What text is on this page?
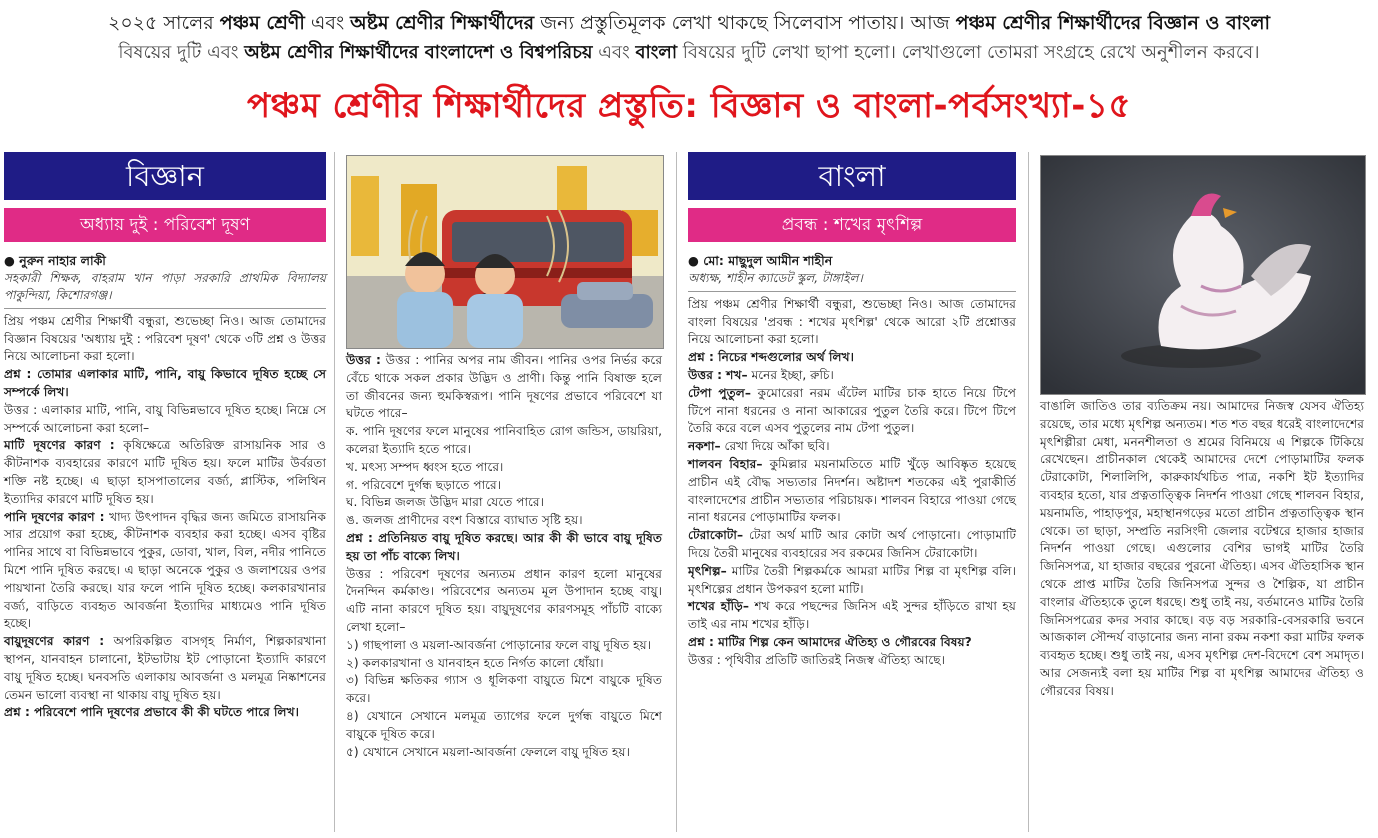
২০২৫ সালের পঞ্চম শ্রেণী এবং অষ্টম শ্রেণীর শিক্ষার্থীদের জন্য প্রস্তুতিমূলক লেখা থাকছে সিলেবাস পাতায়। আজ পঞ্চম শ্রেণীর শিক্ষার্থীদের বিজ্ঞান ও বাংলা
বিষয়ের দুটি এবং অষ্টম শ্রেণীর শিক্ষার্থীদের বাংলাদেশ ও বিশ্বপরিচয় এবং বাংলা বিষয়ের দুটি লেখা ছাপা হলো। লেখাগুলো তোমরা সংগ্রহে রেখে অনুশীলন করবে।
পঞ্চম শ্রেণীর শিক্ষার্থীদের প্রস্তুতি: বিজ্ঞান ও বাংলা-পর্বসংখ্যা-১৫
বিজ্ঞান
অধ্যায় দুই : পরিবেশ দূষণ
● নুরুন নাহার লাকী
সহকারী শিক্ষক, বাহরাম খান পাড়া সরকারি প্রাথমিক বিদ্যালয় পাকুন্দিয়া, কিশোরগঞ্জ।

প্রিয় পঞ্চম শ্রেণীর শিক্ষার্থী বন্ধুরা, শুভেচ্ছা নিও। আজ তোমাদের বিজ্ঞান বিষয়ের 'অধ্যায় দুই : পরিবেশ দূষণ' থেকে ৩টি প্রশ্ন ও উত্তর নিয়ে আলোচনা করা হলো।

প্রশ্ন : তোমার এলাকার মাটি, পানি, বায়ু কিভাবে দূষিত হচ্ছে সে সম্পর্কে লিখ।

উত্তর : এলাকার মাটি, পানি, বায়ু বিভিন্নভাবে দূষিত হচ্ছে। নিম্নে সে সম্পর্কে আলোচনা করা হলো–

মাটি দূষণের কারণ : কৃষিক্ষেত্রে অতিরিক্ত রাসায়নিক সার ও কীটনাশক ব্যবহারের কারণে মাটি দূষিত হয়। ফলে মাটির উর্বরতা শক্তি নষ্ট হচ্ছে। এ ছাড়া হাসপাতালের বর্জ্য, প্লাস্টিক, পলিথিন ইত্যাদির কারণে মাটি দূষিত হয়।

পানি দূষণের কারণ : খাদ্য উৎপাদন বৃদ্ধির জন্য জমিতে রাসায়নিক সার প্রয়োগ করা হচ্ছে, কীটনাশক ব্যবহার করা হচ্ছে। এসব বৃষ্টির পানির সাথে বা বিভিন্নভাবে পুকুর, ডোবা, খাল, বিল, নদীর পানিতে মিশে পানি দূষিত করছে। এ ছাড়া অনেকে পুকুর ও জলাশয়ের ওপর পায়খানা তৈরি করছে। যার ফলে পানি দূষিত হচ্ছে। কলকারখানার বর্জ্য, বাড়িতে ব্যবহৃত আবর্জনা ইত্যাদির মাধ্যমেও পানি দূষিত হচ্ছে।

বায়ুদূষণের কারণ : অপরিকল্পিত বাসগৃহ নির্মাণ, শিল্পকারখানা স্থাপন, যানবাহন চালানো, ইটভাটায় ইট পোড়ানো ইত্যাদি কারণে বায়ু দূষিত হচ্ছে। ঘনবসতি এলাকায় আবর্জনা ও মলমূত্র নিষ্কাশনের তেমন ভালো ব্যবস্থা না থাকায় বায়ু দূষিত হয়।

প্রশ্ন : পরিবেশে পানি দূষণের প্রভাবে কী কী ঘটতে পারে লিখ।

উত্তর : উত্তর : পানির অপর নাম জীবন। পানির ওপর নির্ভর করে বেঁচে থাকে সকল প্রকার উদ্ভিদ ও প্রাণী। কিন্তু পানি বিষাক্ত হলে তা জীবনের জন্য হুমকিস্বরূপ। পানি দূষণের প্রভাবে পরিবেশে যা ঘটতে পারে–

ক. পানি দূষণের ফলে মানুষের পানিবাহিত রোগ জন্ডিস, ডায়রিয়া, কলেরা ইত্যাদি হতে পারে।

খ. মৎস্য সম্পদ ধ্বংস হতে পারে।

গ. পরিবেশে দুর্গন্ধ ছড়াতে পারে।

ঘ. বিভিন্ন জলজ উদ্ভিদ মারা যেতে পারে।

ঙ. জলজ প্রাণীদের বংশ বিস্তারে ব্যাঘাত সৃষ্টি হয়।

প্রশ্ন : প্রতিনিয়ত বায়ু দূষিত করছে। আর কী কী ভাবে বায়ু দূষিত হয় তা পাঁচ বাক্যে লিখ।

উত্তর : পরিবেশ দূষণের অন্যতম প্রধান কারণ হলো মানুষের দৈনন্দিন কর্মকাণ্ড। পরিবেশের অন্যতম মূল উপাদান হচ্ছে বায়ু। এটি নানা কারণে দূষিত হয়। বায়ুদূষণের কারণসমূহ পাঁচটি বাক্যে লেখা হলো–

১) গাছপালা ও ময়লা-আবর্জনা পোড়ানোর ফলে বায়ু দূষিত হয়।

২) কলকারখানা ও যানবাহন হতে নির্গত কালো ধোঁয়া।

৩) বিভিন্ন ক্ষতিকর গ্যাস ও ধূলিকণা বায়ুতে মিশে বায়ুকে দূষিত করে।

৪) যেখানে সেখানে মলমূত্র ত্যাগের ফলে দুর্গন্ধ বায়ুতে মিশে বায়ুকে দূষিত করে।

৫) যেখানে সেখানে ময়লা-আবর্জনা ফেললে বায়ু দূষিত হয়।

বাংলা
প্রবন্ধ : শখের মৃৎশিল্প
● মো: মাছুদুল আমীন শাহীন
অধ্যক্ষ, শাহীন ক্যাডেট স্কুল, টাঙ্গাইল।

প্রিয় পঞ্চম শ্রেণীর শিক্ষার্থী বন্ধুরা, শুভেচ্ছা নিও। আজ তোমাদের বাংলা বিষয়ের 'প্রবন্ধ : শখের মৃৎশিল্প' থেকে আরো ২টি প্রশ্নোত্তর নিয়ে আলোচনা করা হলো।

প্রশ্ন : নিচের শব্দগুলোর অর্থ লিখ।

উত্তর : শখ– মনের ইচ্ছা, রুচি।

টেপা পুতুল– কুমোরেরা নরম এঁটেল মাটির চাক হাতে নিয়ে টিপে টিপে নানা ধরনের ও নানা আকারের পুতুল তৈরি করে। টিপে টিপে তৈরি করে বলে এসব পুতুলের নাম টেপা পুতুল।

নকশা– রেখা দিয়ে আঁকা ছবি।

শালবন বিহার– কুমিল্লার ময়নামতিতে মাটি খুঁড়ে আবিষ্কৃত হয়েছে প্রাচীন এই বৌদ্ধ সভ্যতার নিদর্শন। অষ্টাদশ শতকের এই পুরাকীর্তি বাংলাদেশের প্রাচীন সভ্যতার পরিচায়ক। শালবন বিহারে পাওয়া গেছে নানা ধরনের পোড়ামাটির ফলক।

টেরাকোটা– টেরা অর্থ মাটি আর কোটা অর্থ পোড়ানো। পোড়ামাটি দিয়ে তৈরী মানুষের ব্যবহারের সব রকমের জিনিস টেরাকোটা।

মৃৎশিল্প– মাটির তৈরী শিল্পকর্মকে আমরা মাটির শিল্প বা মৃৎশিল্প বলি। মৃৎশিল্পের প্রধান উপকরণ হলো মাটি।

শখের হাঁড়ি– শখ করে পছন্দের জিনিস এই সুন্দর হাঁড়িতে রাখা হয় তাই এর নাম শখের হাঁড়ি।

প্রশ্ন : মাটির শিল্প কেন আমাদের ঐতিহ্য ও গৌরবের বিষয়?

উত্তর : পৃথিবীর প্রতিটি জাতিরই নিজস্ব ঐতিহ্য আছে।

বাঙালি জাতিও তার ব্যতিক্রম নয়। আমাদের নিজস্ব যেসব ঐতিহ্য রয়েছে, তার মধ্যে মৃৎশিল্প অন্যতম। শত শত বছর ধরেই বাংলাদেশের মৃৎশিল্পীরা মেধা, মননশীলতা ও শ্রমের বিনিময়ে এ শিল্পকে টিকিয়ে রেখেছেন। প্রাচীনকাল থেকেই আমাদের দেশে পোড়ামাটির ফলক টেরাকোটা, শিলালিপি, কারুকার্যখচিত পাত্র, নকশি ইট ইত্যাদির ব্যবহার হতো, যার প্রত্নতাত্ত্বিক নিদর্শন পাওয়া গেছে শালবন বিহার, ময়নামতি, পাহাড়পুর, মহাস্থানগড়ের মতো প্রাচীন প্রত্নতাত্ত্বিক স্থান থেকে। তা ছাড়া, সম্প্রতি নরসিংদী জেলার বটেশ্বরে হাজার হাজার নিদর্শন পাওয়া গেছে। এগুলোর বেশির ভাগই মাটির তৈরি জিনিসপত্র, যা হাজার বছরের পুরনো ঐতিহ্য। এসব ঐতিহাসিক স্থান থেকে প্রাপ্ত মাটির তৈরি জিনিসপত্র সুন্দর ও শৈল্পিক, যা প্রাচীন বাংলার ঐতিহ্যকে তুলে ধরছে। শুধু তাই নয়, বর্তমানেও মাটির তৈরি জিনিসপত্রের কদর সবার কাছে। বড় বড় সরকারি-বেসরকারি ভবনে আজকাল সৌন্দর্য বাড়ানোর জন্য নানা রকম নকশা করা মাটির ফলক ব্যবহৃত হচ্ছে। শুধু তাই নয়, এসব মৃৎশিল্প দেশ-বিদেশে বেশ সমাদৃত। আর সেজন্যই বলা হয় মাটির শিল্প বা মৃৎশিল্প আমাদের ঐতিহ্য ও গৌরবের বিষয়।
